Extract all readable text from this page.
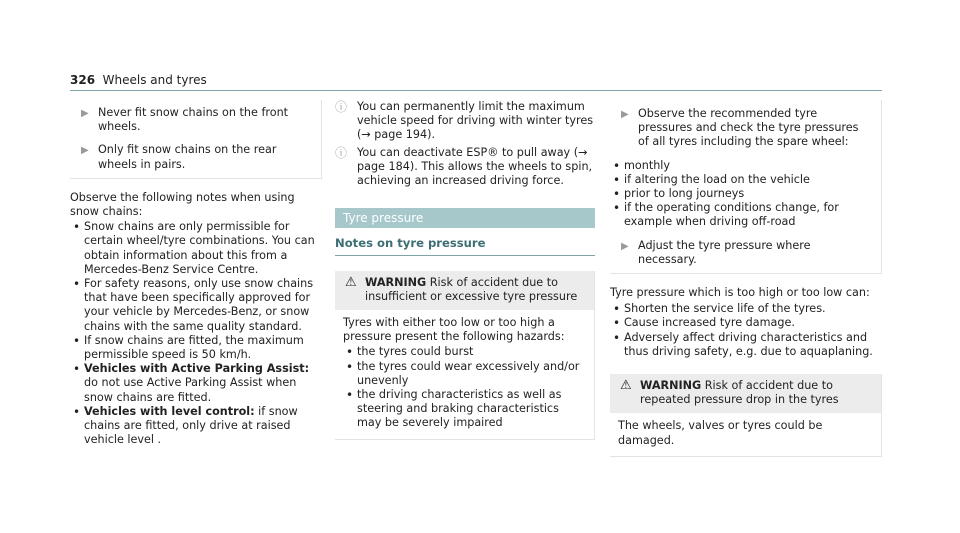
326 Wheels and tyres
▶ Never fit snow chains on the front wheels.
▶ Only fit snow chains on the rear wheels in pairs.

Observe the following notes when using snow chains:

• Snow chains are only permissible for certain wheel/tyre combinations. You can obtain information about this from a Mercedes-Benz Service Centre.
• For safety reasons, only use snow chains that have been specifically approved for your vehicle by Mercedes-Benz, or snow chains with the same quality standard.
• If snow chains are fitted, the maximum permissible speed is 50 km/h.
• Vehicles with Active Parking Assist: do not use Active Parking Assist when snow chains are fitted.
• Vehicles with level control: if snow chains are fitted, only drive at raised vehicle level .
ⓘ You can permanently limit the maximum vehicle speed for driving with winter tyres (→ page 194).
ⓘ You can deactivate ESP® to pull away (→ page 184). This allows the wheels to spin, achieving an increased driving force.
Tyre pressure
Notes on tyre pressure
⚠ WARNING Risk of accident due to insufficient or excessive tyre pressure

Tyres with either too low or too high a pressure present the following hazards:

• the tyres could burst
• the tyres could wear excessively and/or unevenly
• the driving characteristics as well as steering and braking characteristics may be severely impaired
▶ Observe the recommended tyre pressures and check the tyre pressures of all tyres including the spare wheel:
• monthly
• if altering the load on the vehicle
• prior to long journeys
• if the operating conditions change, for example when driving off-road
▶ Adjust the tyre pressure where necessary.

Tyre pressure which is too high or too low can:

• Shorten the service life of the tyres.
• Cause increased tyre damage.
• Adversely affect driving characteristics and thus driving safety, e.g. due to aquaplaning.
⚠ WARNING Risk of accident due to repeated pressure drop in the tyres

The wheels, valves or tyres could be damaged.
